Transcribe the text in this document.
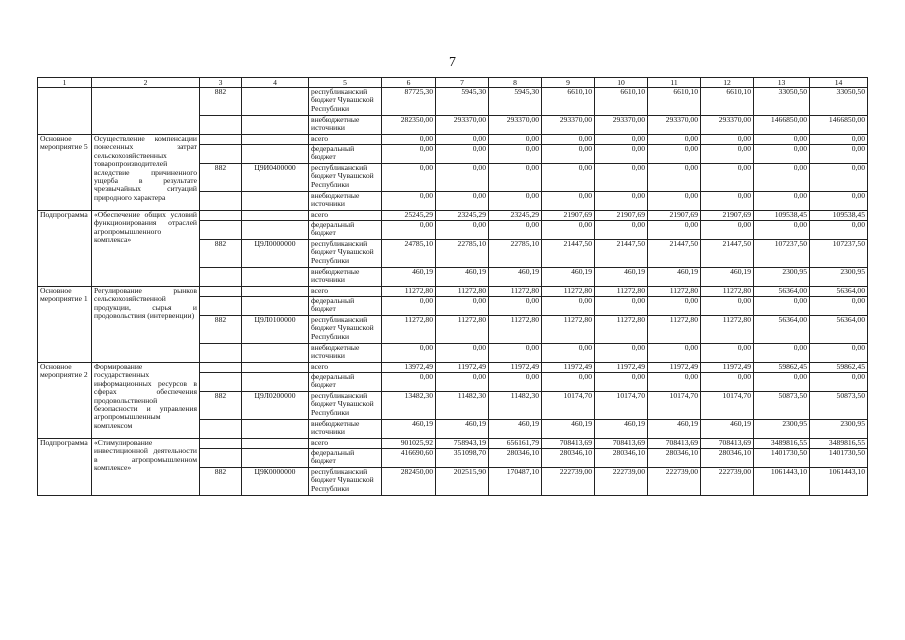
7
1	2	3	4	5	6	7	8	9	10	11	12	13	14
		882		республиканский бюджет Чувашской Республики	87725,30	5945,30	5945,30	6610,10	6610,10	6610,10	6610,10	33050,50	33050,50
				внебюджетные источники	282350,00	293370,00	293370,00	293370,00	293370,00	293370,00	293370,00	1466850,00	1466850,00
Основное мероприятие 5	Осуществление компенсации понесенных затрат сельскохозяйственных товаропроизводителей вследствие причиненного ущерба в результате чрезвычайных ситуаций природного характера			всего	0,00	0,00	0,00	0,00	0,00	0,00	0,00	0,00	0,00
				федеральный бюджет	0,00	0,00	0,00	0,00	0,00	0,00	0,00	0,00	0,00
		882	Ц9И0400000	республиканский бюджет Чувашской Республики	0,00	0,00	0,00	0,00	0,00	0,00	0,00	0,00	0,00
				внебюджетные источники	0,00	0,00	0,00	0,00	0,00	0,00	0,00	0,00	0,00
Подпрограмма	«Обеспечение общих условий функционирования отраслей агропромышленного комплекса»			всего	25245,29	23245,29	23245,29	21907,69	21907,69	21907,69	21907,69	109538,45	109538,45
				федеральный бюджет	0,00	0,00	0,00	0,00	0,00	0,00	0,00	0,00	0,00
		882	Ц9Л0000000	республиканский бюджет Чувашской Республики	24785,10	22785,10	22785,10	21447,50	21447,50	21447,50	21447,50	107237,50	107237,50
				внебюджетные источники	460,19	460,19	460,19	460,19	460,19	460,19	460,19	2300,95	2300,95
Основное мероприятие 1	Регулирование рынков сельскохозяйственной продукции, сырья и продовольствия (интервенции)			всего	11272,80	11272,80	11272,80	11272,80	11272,80	11272,80	11272,80	56364,00	56364,00
				федеральный бюджет	0,00	0,00	0,00	0,00	0,00	0,00	0,00	0,00	0,00
		882	Ц9Л0100000	республиканский бюджет Чувашской Республики	11272,80	11272,80	11272,80	11272,80	11272,80	11272,80	11272,80	56364,00	56364,00
				внебюджетные источники	0,00	0,00	0,00	0,00	0,00	0,00	0,00	0,00	0,00
Основное мероприятие 2	Формирование государственных информационных ресурсов в сферах обеспечения продовольственной безопасности и управления агропромышленным комплексом			всего	13972,49	11972,49	11972,49	11972,49	11972,49	11972,49	11972,49	59862,45	59862,45
				федеральный бюджет	0,00	0,00	0,00	0,00	0,00	0,00	0,00	0,00	0,00
		882	Ц9Л0200000	республиканский бюджет Чувашской Республики	13482,30	11482,30	11482,30	10174,70	10174,70	10174,70	10174,70	50873,50	50873,50
				внебюджетные источники	460,19	460,19	460,19	460,19	460,19	460,19	460,19	2300,95	2300,95
Подпрограмма	«Стимулирование инвестиционной деятельности в агропромышленном комплексе»			всего	901025,92	758943,19	656161,79	708413,69	708413,69	708413,69	708413,69	3489816,55	3489816,55
				федеральный бюджет	416690,60	351098,70	280346,10	280346,10	280346,10	280346,10	280346,10	1401730,50	1401730,50
		882	Ц9К0000000	республиканский бюджет Чувашской Республики	282450,00	202515,90	170487,10	222739,00	222739,00	222739,00	222739,00	1061443,10	1061443,10
